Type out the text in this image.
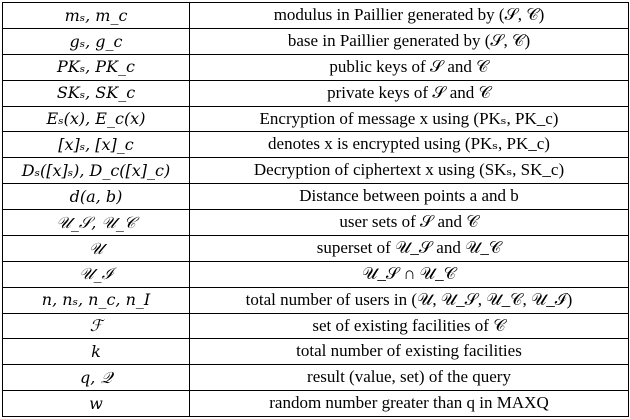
mₛ, m_c	modulus in Paillier generated by (𝒮, 𝒞)
gₛ, g_c	base in Paillier generated by (𝒮, 𝒞)
PKₛ, PK_c	public keys of 𝒮 and 𝒞
SKₛ, SK_c	private keys of 𝒮 and 𝒞
Eₛ(x), E_c(x)	Encryption of message x using (PKₛ, PK_c)
[x]ₛ, [x]_c	denotes x is encrypted using (PKₛ, PK_c)
Dₛ([x]ₛ), D_c([x]_c)	Decryption of ciphertext x using (SKₛ, SK_c)
d(a, b)	Distance between points a and b
𝒰_𝒮, 𝒰_𝒞	user sets of 𝒮 and 𝒞
𝒰	superset of 𝒰_𝒮 and 𝒰_𝒞
𝒰_ℐ	𝒰_𝒮 ∩ 𝒰_𝒞
n, nₛ, n_c, n_I	total number of users in (𝒰, 𝒰_𝒮, 𝒰_𝒞, 𝒰_ℐ)
ℱ	set of existing facilities of 𝒞
k	total number of existing facilities
q, 𝒬	result (value, set) of the query
w	random number greater than q in MAXQ
